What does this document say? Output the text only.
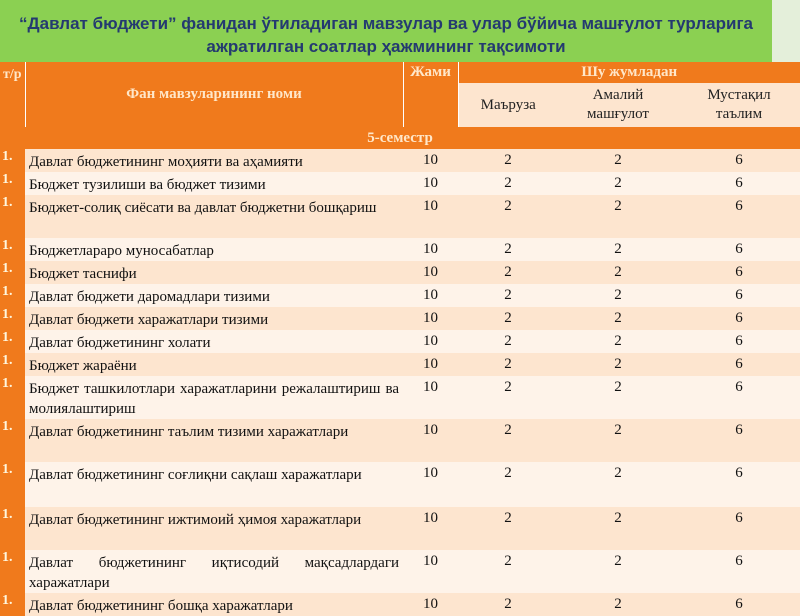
“Давлат бюджети” фанидан ўтиладиган мавзулар ва улар бўйича машғулот турларига
ажратилган соатлар ҳажмининг тақсимоти
т/р	Фан мавзуларининг номи	Жами	Шу жумладан		
			Маъруза	Амалий машғулот	Мустақил таълим
5-семестр					
1.	Давлат бюджетининг моҳияти ва аҳамияти	10	2	2	6
1.	Бюджет тузилиши ва бюджет тизими	10	2	2	6
1.	Бюджет-солиқ сиёсати ва давлат бюджетни бошқариш	10	2	2	6
1.	Бюджетлараро муносабатлар	10	2	2	6
1.	Бюджет таснифи	10	2	2	6
1.	Давлат бюджети даромадлари тизими	10	2	2	6
1.	Давлат бюджети харажатлари тизими	10	2	2	6
1.	Давлат бюджетининг холати	10	2	2	6
1.	Бюджет жараёни	10	2	2	6
1.	Бюджет ташкилотлари харажатларини режалаштириш ва молиялаштириш	10	2	2	6
1.	Давлат бюджетининг таълим тизими харажатлари	10	2	2	6
1.	Давлат бюджетининг соғлиқни сақлаш харажатлари	10	2	2	6
1.	Давлат бюджетининг ижтимоий ҳимоя харажатлари	10	2	2	6
1.	Давлат бюджетининг иқтисодий мақсадлардаги харажатлари	10	2	2	6
1.	Давлат бюджетининг бошқа харажатлари	10	2	2	6
